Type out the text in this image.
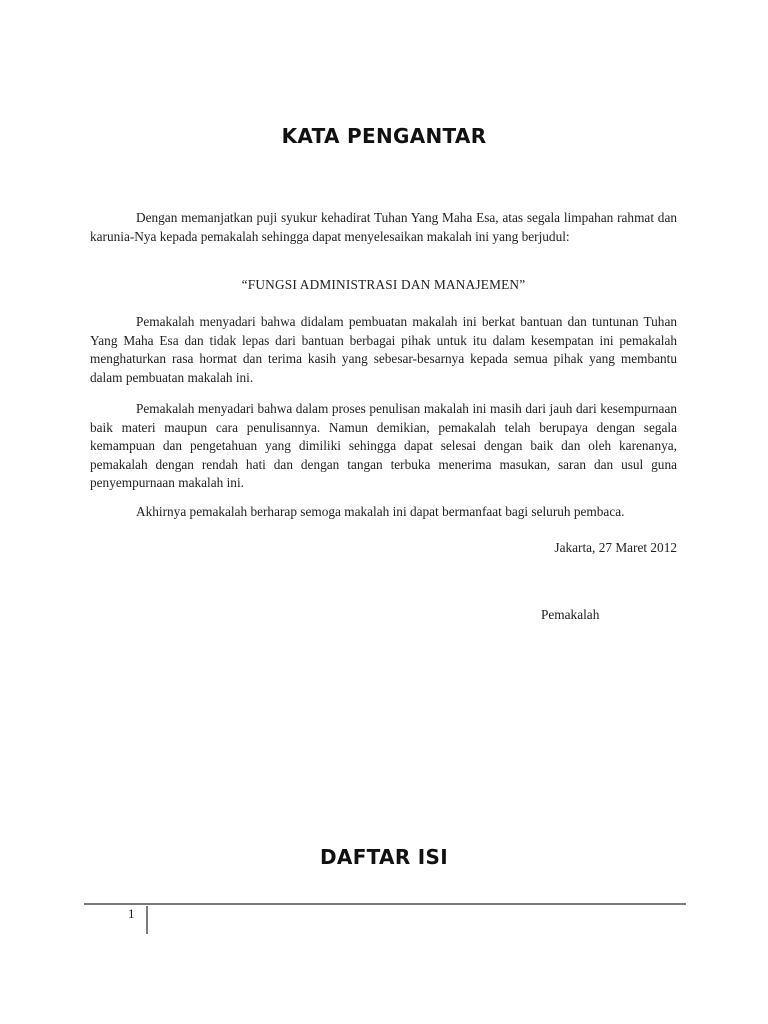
KATA PENGANTAR

Dengan memanjatkan puji syukur kehadirat Tuhan Yang Maha Esa, atas segala limpahan rahmat dan karunia-Nya kepada pemakalah sehingga dapat menyelesaikan makalah ini yang berjudul:

“FUNGSI ADMINISTRASI DAN MANAJEMEN”

Pemakalah menyadari bahwa didalam pembuatan makalah ini berkat bantuan dan tuntunan Tuhan Yang Maha Esa dan tidak lepas dari bantuan berbagai pihak untuk itu dalam kesempatan ini pemakalah menghaturkan rasa hormat dan terima kasih yang sebesar-besarnya kepada semua pihak yang membantu dalam pembuatan makalah ini.

Pemakalah menyadari bahwa dalam proses penulisan makalah ini masih dari jauh dari kesempurnaan baik materi maupun cara penulisannya. Namun demikian, pemakalah telah berupaya dengan segala kemampuan dan pengetahuan yang dimiliki sehingga dapat selesai dengan baik dan oleh karenanya, pemakalah dengan rendah hati dan dengan tangan terbuka menerima masukan, saran dan usul guna penyempurnaan makalah ini.

Akhirnya pemakalah berharap semoga makalah ini dapat bermanfaat bagi seluruh pembaca.

Jakarta, 27 Maret 2012
Pemakalah
DAFTAR ISI
1
